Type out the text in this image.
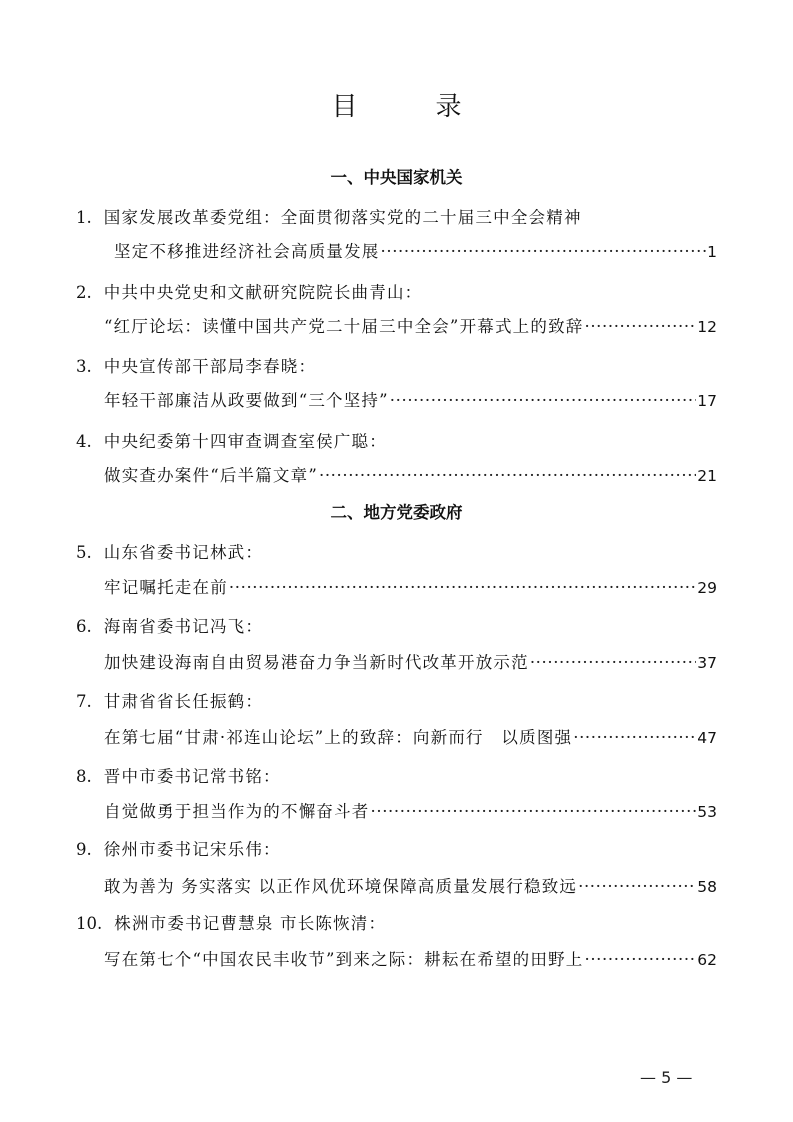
目　录
一、中央国家机关
1. 国家发展改革委党组：全面贯彻落实党的二十届三中全会精神
坚定不移推进经济社会高质量发展 ·····	1
2. 中共中央党史和文献研究院院长曲青山：
“红厅论坛：读懂中国共产党二十届三中全会”开幕式上的致辞 ·····	12
3. 中央宣传部干部局李春晓：
年轻干部廉洁从政要做到“三个坚持” ·····	17
4. 中央纪委第十四审查调查室侯广聪：
做实查办案件“后半篇文章” ·····	21
二、地方党委政府
5. 山东省委书记林武：
牢记嘱托走在前 ·····	29
6. 海南省委书记冯飞：
加快建设海南自由贸易港奋力争当新时代改革开放示范 ·····	37
7. 甘肃省省长任振鹤：
在第七届“甘肃·祁连山论坛”上的致辞：向新而行　以质图强 ·····	47
8. 晋中市委书记常书铭：
自觉做勇于担当作为的不懈奋斗者 ·····	53
9. 徐州市委书记宋乐伟：
敢为善为 务实落实 以正作风优环境保障高质量发展行稳致远 ·····	58
10. 株洲市委书记曹慧泉 市长陈恢清：
写在第七个“中国农民丰收节”到来之际：耕耘在希望的田野上 ·····	62
— 5 —
